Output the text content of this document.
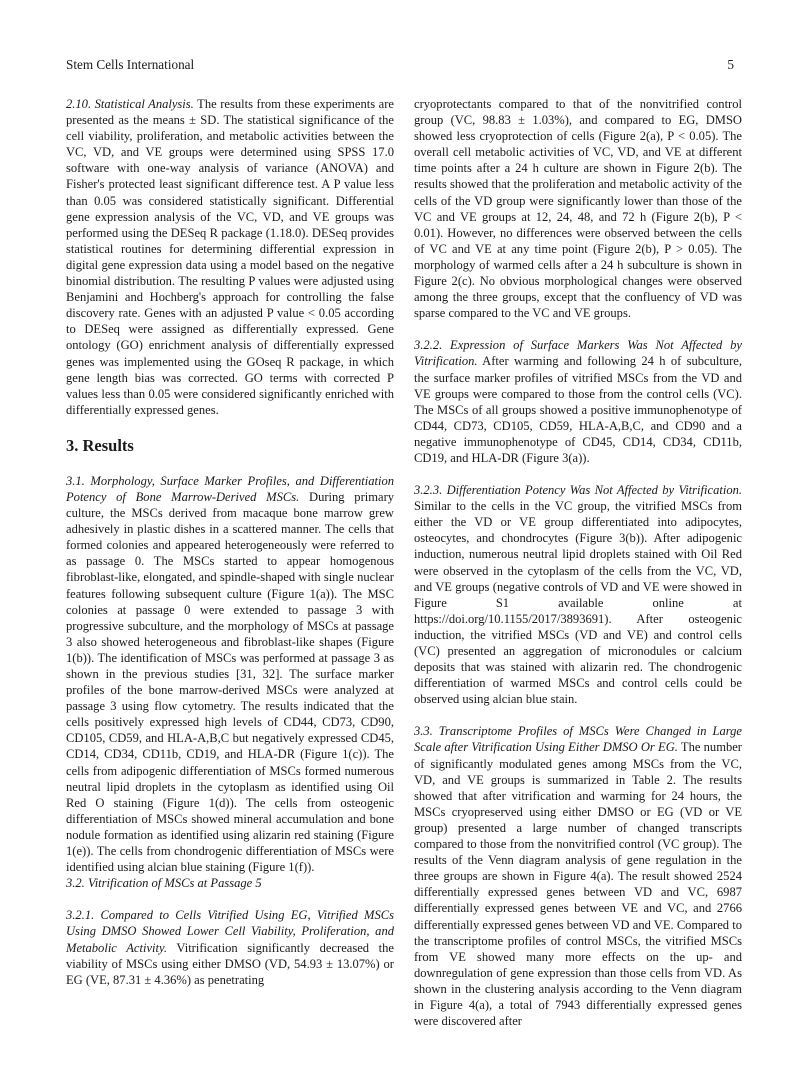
Stem Cells International	5

2.10. Statistical Analysis. The results from these experiments are presented as the means ± SD. The statistical significance of the cell viability, proliferation, and metabolic activities between the VC, VD, and VE groups were determined using SPSS 17.0 software with one-way analysis of variance (ANOVA) and Fisher's protected least significant difference test. A P value less than 0.05 was considered statistically significant. Differential gene expression analysis of the VC, VD, and VE groups was performed using the DESeq R package (1.18.0). DESeq provides statistical routines for determining differential expression in digital gene expression data using a model based on the negative binomial distribution. The resulting P values were adjusted using Benjamini and Hochberg's approach for controlling the false discovery rate. Genes with an adjusted P value < 0.05 according to DESeq were assigned as differentially expressed. Gene ontology (GO) enrichment analysis of differentially expressed genes was implemented using the GOseq R package, in which gene length bias was corrected. GO terms with corrected P values less than 0.05 were considered significantly enriched with differentially expressed genes.

3. Results

3.1. Morphology, Surface Marker Profiles, and Differentiation Potency of Bone Marrow-Derived MSCs. During primary culture, the MSCs derived from macaque bone marrow grew adhesively in plastic dishes in a scattered manner. The cells that formed colonies and appeared heterogeneously were referred to as passage 0. The MSCs started to appear homogenous fibroblast-like, elongated, and spindle-shaped with single nuclear features following subsequent culture (Figure 1(a)). The MSC colonies at passage 0 were extended to passage 3 with progressive subculture, and the morphology of MSCs at passage 3 also showed heterogeneous and fibroblast-like shapes (Figure 1(b)). The identification of MSCs was performed at passage 3 as shown in the previous studies [31, 32]. The surface marker profiles of the bone marrow-derived MSCs were analyzed at passage 3 using flow cytometry. The results indicated that the cells positively expressed high levels of CD44, CD73, CD90, CD105, CD59, and HLA-A,B,C but negatively expressed CD45, CD14, CD34, CD11b, CD19, and HLA-DR (Figure 1(c)). The cells from adipogenic differentiation of MSCs formed numerous neutral lipid droplets in the cytoplasm as identified using Oil Red O staining (Figure 1(d)). The cells from osteogenic differentiation of MSCs showed mineral accumulation and bone nodule formation as identified using alizarin red staining (Figure 1(e)). The cells from chondrogenic differentiation of MSCs were identified using alcian blue staining (Figure 1(f)).

3.2. Vitrification of MSCs at Passage 5

3.2.1. Compared to Cells Vitrified Using EG, Vitrified MSCs Using DMSO Showed Lower Cell Viability, Proliferation, and Metabolic Activity. Vitrification significantly decreased the viability of MSCs using either DMSO (VD, 54.93 ± 13.07%) or EG (VE, 87.31 ± 4.36%) as penetrating

cryoprotectants compared to that of the nonvitrified control group (VC, 98.83 ± 1.03%), and compared to EG, DMSO showed less cryoprotection of cells (Figure 2(a), P < 0.05). The overall cell metabolic activities of VC, VD, and VE at different time points after a 24 h culture are shown in Figure 2(b). The results showed that the proliferation and metabolic activity of the cells of the VD group were significantly lower than those of the VC and VE groups at 12, 24, 48, and 72 h (Figure 2(b), P < 0.01). However, no differences were observed between the cells of VC and VE at any time point (Figure 2(b), P > 0.05). The morphology of warmed cells after a 24 h subculture is shown in Figure 2(c). No obvious morphological changes were observed among the three groups, except that the confluency of VD was sparse compared to the VC and VE groups.

3.2.2. Expression of Surface Markers Was Not Affected by Vitrification. After warming and following 24 h of subculture, the surface marker profiles of vitrified MSCs from the VD and VE groups were compared to those from the control cells (VC). The MSCs of all groups showed a positive immunophenotype of CD44, CD73, CD105, CD59, HLA-A,B,C, and CD90 and a negative immunophenotype of CD45, CD14, CD34, CD11b, CD19, and HLA-DR (Figure 3(a)).

3.2.3. Differentiation Potency Was Not Affected by Vitrification. Similar to the cells in the VC group, the vitrified MSCs from either the VD or VE group differentiated into adipocytes, osteocytes, and chondrocytes (Figure 3(b)). After adipogenic induction, numerous neutral lipid droplets stained with Oil Red were observed in the cytoplasm of the cells from the VC, VD, and VE groups (negative controls of VD and VE were showed in Figure S1 available online at https://doi.org/10.1155/2017/3893691). After osteogenic induction, the vitrified MSCs (VD and VE) and control cells (VC) presented an aggregation of micronodules or calcium deposits that was stained with alizarin red. The chondrogenic differentiation of warmed MSCs and control cells could be observed using alcian blue stain.

3.3. Transcriptome Profiles of MSCs Were Changed in Large Scale after Vitrification Using Either DMSO Or EG. The number of significantly modulated genes among MSCs from the VC, VD, and VE groups is summarized in Table 2. The results showed that after vitrification and warming for 24 hours, the MSCs cryopreserved using either DMSO or EG (VD or VE group) presented a large number of changed transcripts compared to those from the nonvitrified control (VC group). The results of the Venn diagram analysis of gene regulation in the three groups are shown in Figure 4(a). The result showed 2524 differentially expressed genes between VD and VC, 6987 differentially expressed genes between VE and VC, and 2766 differentially expressed genes between VD and VE. Compared to the transcriptome profiles of control MSCs, the vitrified MSCs from VE showed many more effects on the up- and downregulation of gene expression than those cells from VD. As shown in the clustering analysis according to the Venn diagram in Figure 4(a), a total of 7943 differentially expressed genes were discovered after
